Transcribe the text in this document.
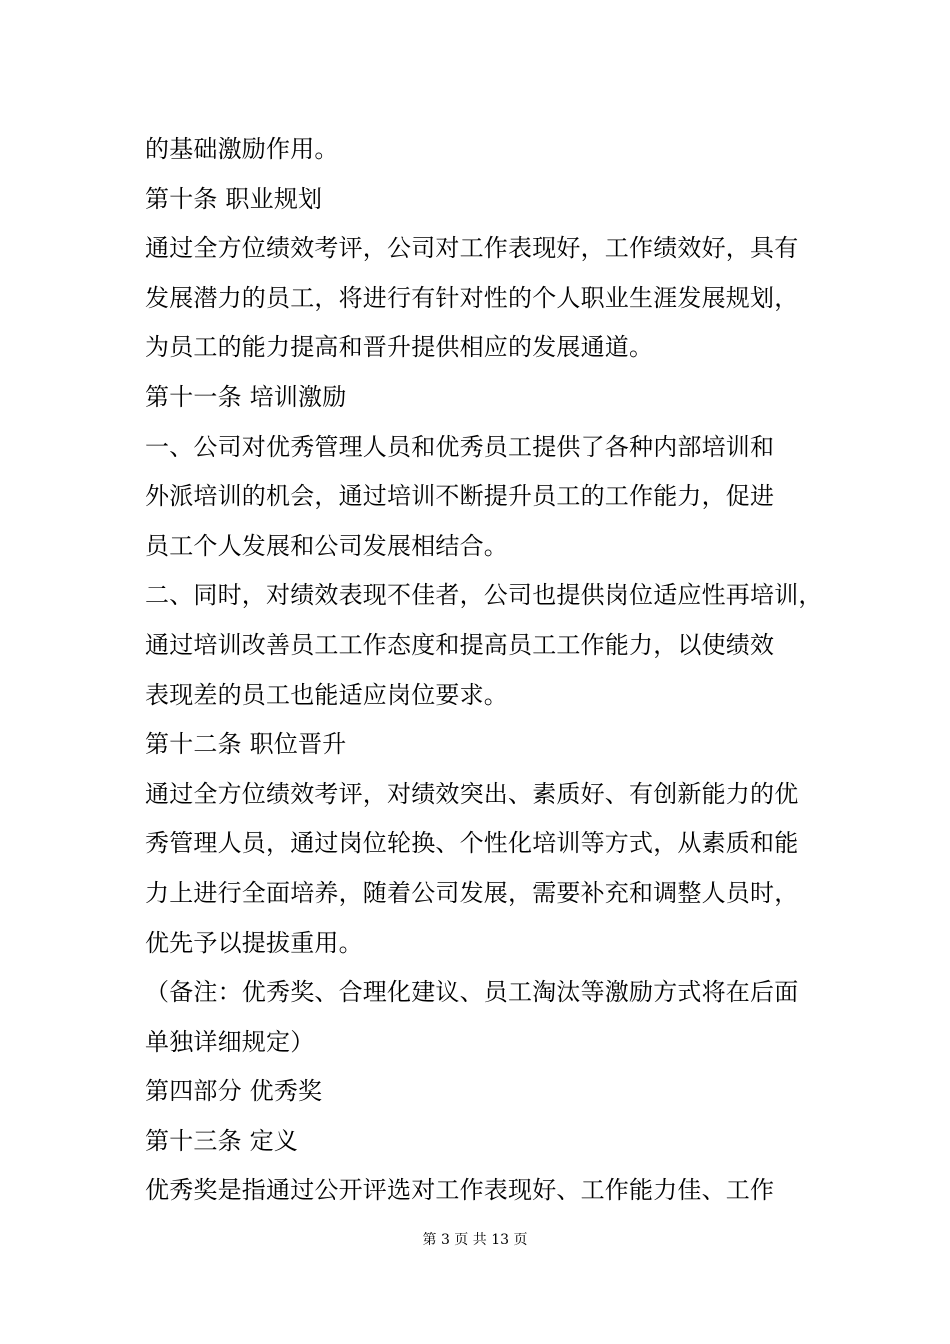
的基础激励作用。
第十条 职业规划
通过全方位绩效考评，公司对工作表现好，工作绩效好，具有
发展潜力的员工，将进行有针对性的个人职业生涯发展规划，
为员工的能力提高和晋升提供相应的发展通道。
第十一条 培训激励
一、公司对优秀管理人员和优秀员工提供了各种内部培训和
外派培训的机会，通过培训不断提升员工的工作能力，促进
员工个人发展和公司发展相结合。
二、同时，对绩效表现不佳者，公司也提供岗位适应性再培训，
通过培训改善员工工作态度和提高员工工作能力，以使绩效
表现差的员工也能适应岗位要求。
第十二条 职位晋升
通过全方位绩效考评，对绩效突出、素质好、有创新能力的优
秀管理人员，通过岗位轮换、个性化培训等方式，从素质和能
力上进行全面培养，随着公司发展，需要补充和调整人员时，
优先予以提拔重用。
（备注：优秀奖、合理化建议、员工淘汰等激励方式将在后面
单独详细规定）
第四部分 优秀奖
第十三条 定义
优秀奖是指通过公开评选对工作表现好、工作能力佳、工作
第 3 页 共 13 页
